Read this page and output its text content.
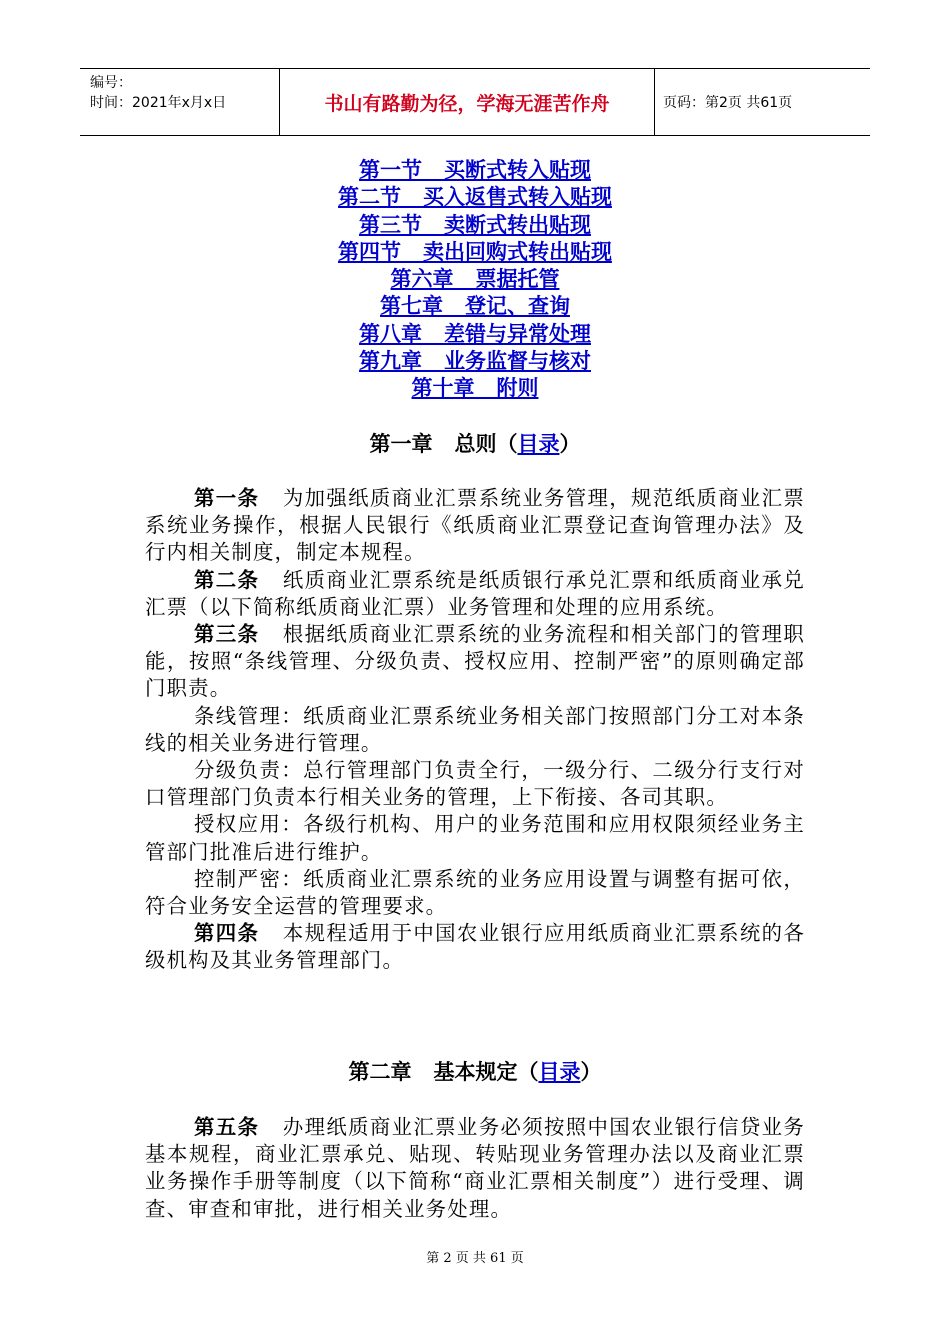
编号：
时间：2021年x月x日	书山有路勤为径，学海无涯苦作舟	页码：第2页 共61页
第一节   买断式转入贴现
第二节   买入返售式转入贴现
第三节   卖断式转出贴现
第四节   卖出回购式转出贴现
第六章   票据托管
第七章   登记、查询
第八章   差错与异常处理
第九章   业务监督与核对
第十章   附则
第一章   总则（目录）

第一条   为加强纸质商业汇票系统业务管理，规范纸质商业汇票系统业务操作，根据人民银行《纸质商业汇票登记查询管理办法》及行内相关制度，制定本规程。

第二条   纸质商业汇票系统是纸质银行承兑汇票和纸质商业承兑汇票（以下简称纸质商业汇票）业务管理和处理的应用系统。

第三条   根据纸质商业汇票系统的业务流程和相关部门的管理职能，按照“条线管理、分级负责、授权应用、控制严密”的原则确定部门职责。

条线管理：纸质商业汇票系统业务相关部门按照部门分工对本条线的相关业务进行管理。

分级负责：总行管理部门负责全行，一级分行、二级分行支行对口管理部门负责本行相关业务的管理，上下衔接、各司其职。

授权应用：各级行机构、用户的业务范围和应用权限须经业务主管部门批准后进行维护。

控制严密：纸质商业汇票系统的业务应用设置与调整有据可依，符合业务安全运营的管理要求。

第四条   本规程适用于中国农业银行应用纸质商业汇票系统的各级机构及其业务管理部门。

第二章   基本规定（目录）

第五条   办理纸质商业汇票业务必须按照中国农业银行信贷业务基本规程，商业汇票承兑、贴现、转贴现业务管理办法以及商业汇票业务操作手册等制度（以下简称“商业汇票相关制度”）进行受理、调查、审查和审批，进行相关业务处理。

第 2 页 共 61 页
